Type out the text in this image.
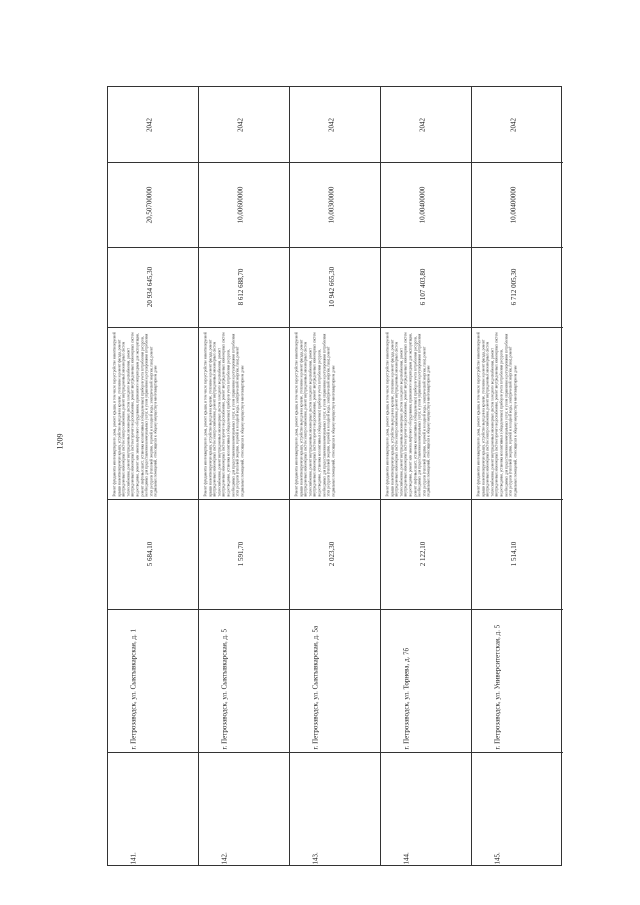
1209
141.
г. Петрозаводск, ул. Сыктывкарская, д. 1
5 684,10
Ремонт фундамента многоквартирного дома, ремонт крыши, в том числе переустройство невентилируемой крыши на вентилируемую крышу, устройство выходов на кровлю, утепление и ремонт фасада, ремонт внутридомовых инженерных систем электроснабжения, ремонт внутридомовых инженерных систем теплоснабжения, ремонт внутридомовых инженерных систем холодного водоснабжения, ремонт внутридомовых инженерных систем горячего водоснабжения, ремонт внутридомовых инженерных систем водоотведения, ремонт или замена лифтового оборудования, признанного непригодным для эксплуатации, ремонт лифтовых шахт, установка коллективных (общедомовых) приборов учета потребления ресурсов, необходимых для предоставления коммунальных услуг, и узлов управления и регулирования потребления этих ресурсов (тепловой энергии, горячей и холодной воды, электрической энергии, газа), ремонт подвальных помещений, относящихся к общему имуществу в многоквартирном доме
20 934 645,30
20,50700000
2042
142.
г. Петрозаводск, ул. Сыктывкарская, д. 5
1 591,70
Ремонт фундамента многоквартирного дома, ремонт крыши, в том числе переустройство невентилируемой крыши на вентилируемую крышу, устройство выходов на кровлю, утепление и ремонт фасада, ремонт внутридомовых инженерных систем электроснабжения, ремонт внутридомовых инженерных систем теплоснабжения, ремонт внутридомовых инженерных систем холодного водоснабжения, ремонт внутридомовых инженерных систем горячего водоснабжения, ремонт внутридомовых инженерных систем водоотведения, установка коллективных (общедомовых) приборов учета потребления ресурсов, необходимых для предоставления коммунальных услуг, и узлов управления и регулирования потребления этих ресурсов (тепловой энергии, горячей и холодной воды, электрической энергии, газа), ремонт подвальных помещений, относящихся к общему имуществу в многоквартирном доме
8 612 688,70
10,00600000
2042
143.
г. Петрозаводск, ул. Сыктывкарская, д. 5а
2 023,30
Ремонт фундамента многоквартирного дома, ремонт крыши, в том числе переустройство невентилируемой крыши на вентилируемую крышу, устройство выходов на кровлю, утепление и ремонт фасада, ремонт внутридомовых инженерных систем электроснабжения, ремонт внутридомовых инженерных систем теплоснабжения, ремонт внутридомовых инженерных систем холодного водоснабжения, ремонт внутридомовых инженерных систем горячего водоснабжения, ремонт внутридомовых инженерных систем водоотведения, установка коллективных (общедомовых) приборов учета потребления ресурсов, необходимых для предоставления коммунальных услуг, и узлов управления и регулирования потребления этих ресурсов (тепловой энергии, горячей и холодной воды, электрической энергии, газа), ремонт подвальных помещений, относящихся к общему имуществу в многоквартирном доме
10 942 665,30
10,00300000
2042
144.
г. Петрозаводск, ул. Торнева, д. 7б
2 122,10
Ремонт фундамента многоквартирного дома, ремонт крыши, в том числе переустройство невентилируемой крыши на вентилируемую крышу, устройство выходов на кровлю, утепление и ремонт фасада, ремонт внутридомовых инженерных систем электроснабжения, ремонт внутридомовых инженерных систем теплоснабжения, ремонт внутридомовых инженерных систем холодного водоснабжения, ремонт внутридомовых инженерных систем горячего водоснабжения, ремонт внутридомовых инженерных систем водоотведения, ремонт или замена лифтового оборудования, признанного непригодным для эксплуатации, ремонт лифтовых шахт, установка коллективных (общедомовых) приборов учета потребления ресурсов, необходимых для предоставления коммунальных услуг, и узлов управления и регулирования потребления этих ресурсов (тепловой энергии, горячей и холодной воды, электрической энергии, газа), ремонт подвальных помещений, относящихся к общему имуществу в многоквартирном доме
6 107 403,80
10,00400000
2042
145.
г. Петрозаводск, ул. Университетская, д. 5
1 514,10
Ремонт фундамента многоквартирного дома, ремонт крыши, в том числе переустройство невентилируемой крыши на вентилируемую крышу, устройство выходов на кровлю, утепление и ремонт фасада, ремонт внутридомовых инженерных систем электроснабжения, ремонт внутридомовых инженерных систем теплоснабжения, ремонт внутридомовых инженерных систем холодного водоснабжения, ремонт внутридомовых инженерных систем горячего водоснабжения, ремонт внутридомовых инженерных систем водоотведения, установка коллективных (общедомовых) приборов учета потребления ресурсов, необходимых для предоставления коммунальных услуг, и узлов управления и регулирования потребления этих ресурсов (тепловой энергии, горячей и холодной воды, электрической энергии, газа), ремонт подвальных помещений, относящихся к общему имуществу в многоквартирном доме
6 712 005,30
10,00400000
2042
